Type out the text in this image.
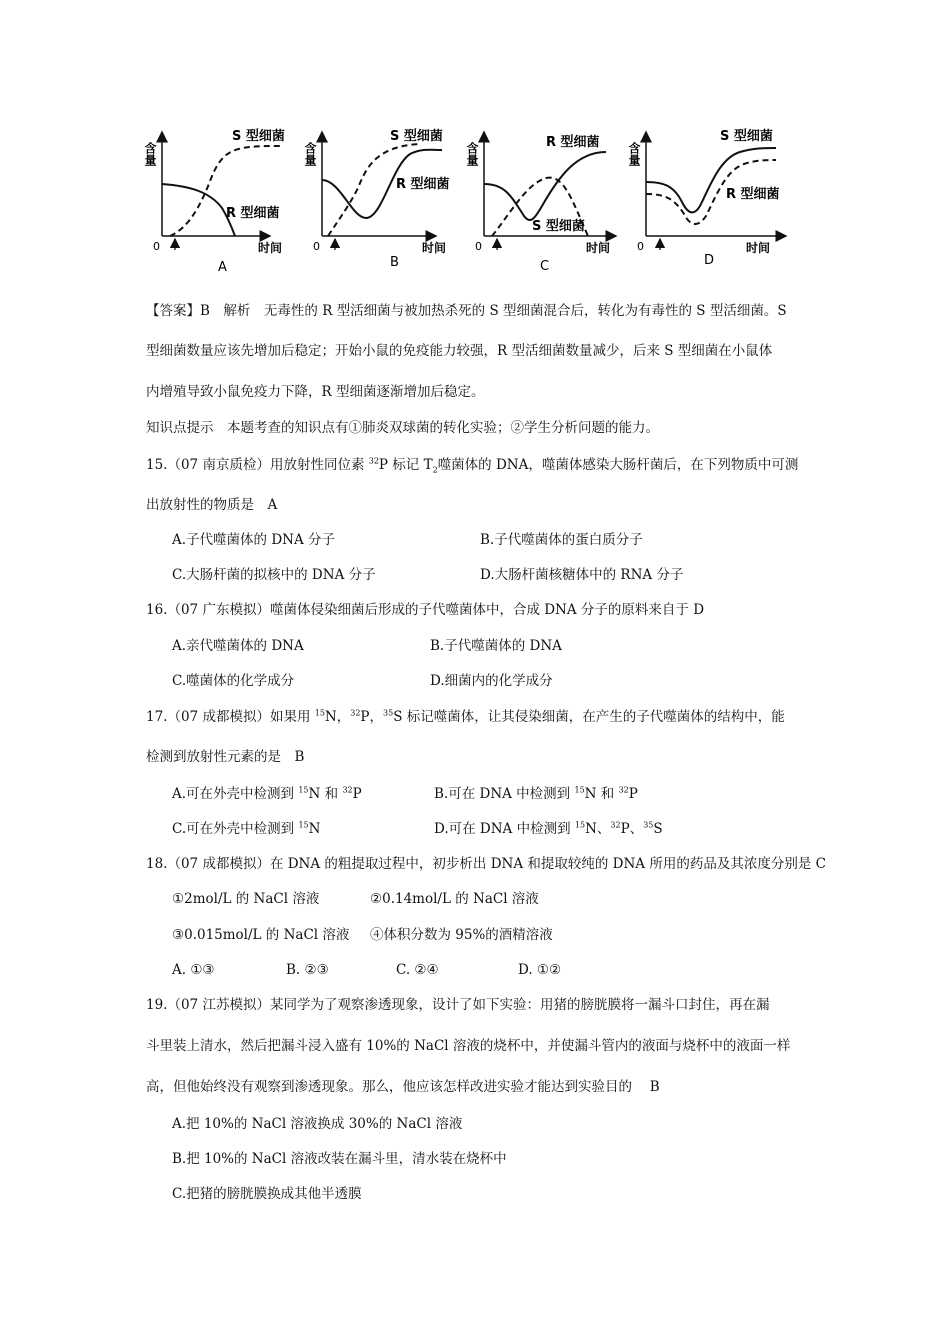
含量
0	时间
S 型细菌
R 型细菌
A
含量
0	时间
S 型细菌
R 型细菌
B
含量
0	时间
R 型细菌
S 型细菌
C
含量
0	时间
S 型细菌
R 型细菌
D
【答案】B　解析　无毒性的 R 型活细菌与被加热杀死的 S 型细菌混合后，转化为有毒性的 S 型活细菌。S
型细菌数量应该先增加后稳定；开始小鼠的免疫能力较强，R 型活细菌数量减少，后来 S 型细菌在小鼠体
内增殖导致小鼠免疫力下降，R 型细菌逐渐增加后稳定。
知识点提示　本题考查的知识点有①肺炎双球菌的转化实验；②学生分析问题的能力。
15.（07 南京质检）用放射性同位素 $^{32}$P 标记 $T_2$噬菌体的 DNA，噬菌体感染大肠杆菌后，在下列物质中可测
出放射性的物质是　A
A.子代噬菌体的 DNA 分子	B.子代噬菌体的蛋白质分子
C.大肠杆菌的拟核中的 DNA 分子	D.大肠杆菌核糖体中的 RNA 分子
16.（07 广东模拟）噬菌体侵染细菌后形成的子代噬菌体中，合成 DNA 分子的原料来自于 D
A.亲代噬菌体的 DNA	B.子代噬菌体的 DNA
C.噬菌体的化学成分	D.细菌内的化学成分
17.（07 成都模拟）如果用 $^{15}$N，$^{32}$P，$^{35}$S 标记噬菌体，让其侵染细菌，在产生的子代噬菌体的结构中，能
检测到放射性元素的是　B
A.可在外壳中检测到 $^{15}$N 和 $^{32}$P	B.可在 DNA 中检测到 $^{15}$N 和 $^{32}$P
C.可在外壳中检测到 $^{15}$N	D.可在 DNA 中检测到 $^{15}$N、$^{32}$P、$^{35}$S
18.（07 成都模拟）在 DNA 的粗提取过程中，初步析出 DNA 和提取较纯的 DNA 所用的药品及其浓度分别是 C
①2mol/L 的 NaCl 溶液	②0.14mol/L 的 NaCl 溶液
③0.015mol/L 的 NaCl 溶液 ④体积分数为 95%的酒精溶液
A. ①③	B. ②③	C. ②④	D. ①②
19.（07 江苏模拟）某同学为了观察渗透现象，设计了如下实验：用猪的膀胱膜将一漏斗口封住，再在漏
斗里装上清水，然后把漏斗浸入盛有 10%的 NaCl 溶液的烧杯中，并使漏斗管内的液面与烧杯中的液面一样
高，但他始终没有观察到渗透现象。那么，他应该怎样改进实验才能达到实验目的　 B
A.把 10%的 NaCl 溶液换成 30%的 NaCl 溶液
B.把 10%的 NaCl 溶液改装在漏斗里，清水装在烧杯中
C.把猪的膀胱膜换成其他半透膜
